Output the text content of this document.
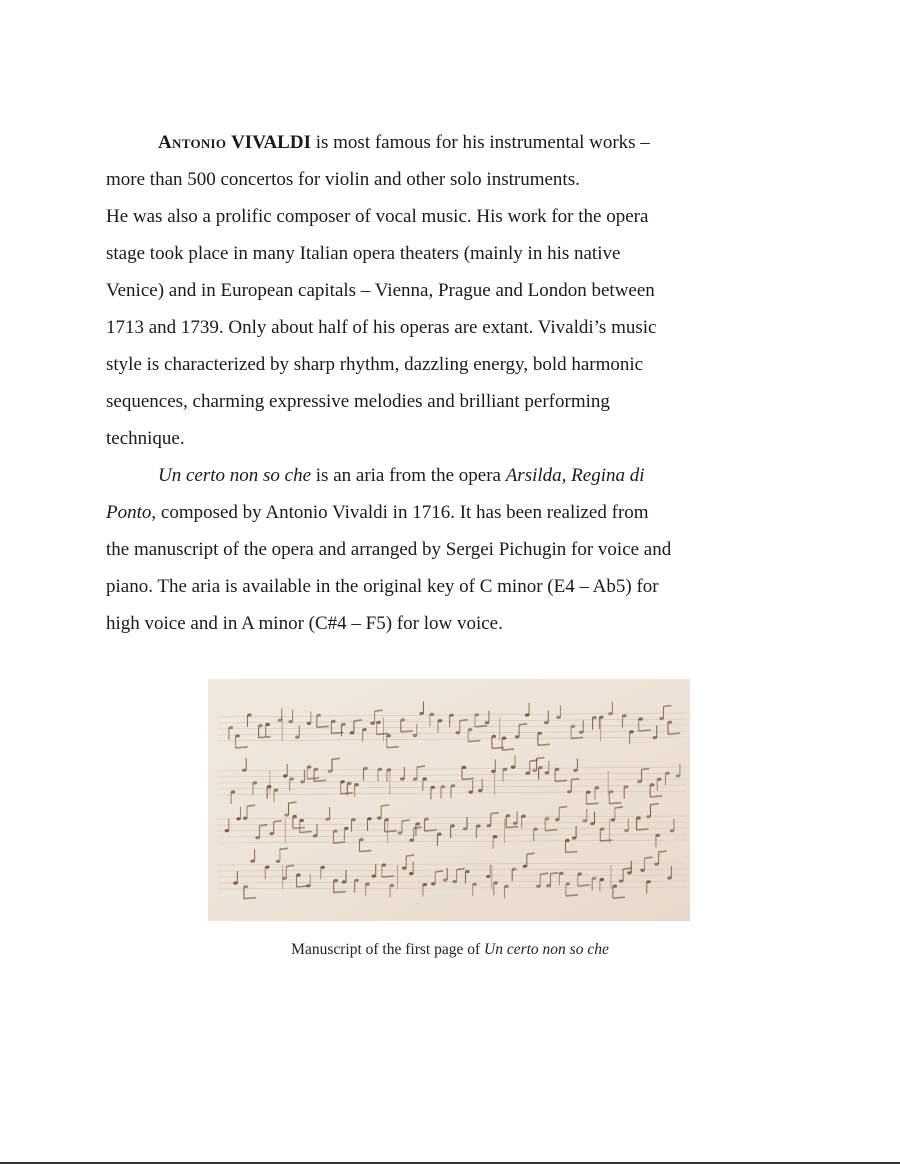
Antonio VIVALDI is most famous for his instrumental works –
more than 500 concertos for violin and other solo instruments.
He was also a prolific composer of vocal music. His work for the opera
stage took place in many Italian opera theaters (mainly in his native
Venice) and in European capitals – Vienna, Prague and London between
1713 and 1739. Only about half of his operas are extant. Vivaldi’s music
style is characterized by sharp rhythm, dazzling energy, bold harmonic
sequences, charming expressive melodies and brilliant performing
technique.
Un certo non so che is an aria from the opera Arsilda, Regina di
Ponto, composed by Antonio Vivaldi in 1716. It has been realized from
the manuscript of the opera and arranged by Sergei Pichugin for voice and
piano. The aria is available in the original key of C minor (E4 – Ab5) for
high voice and in A minor (C#4 – F5) for low voice.
Manuscript of the first page of Un certo non so che
